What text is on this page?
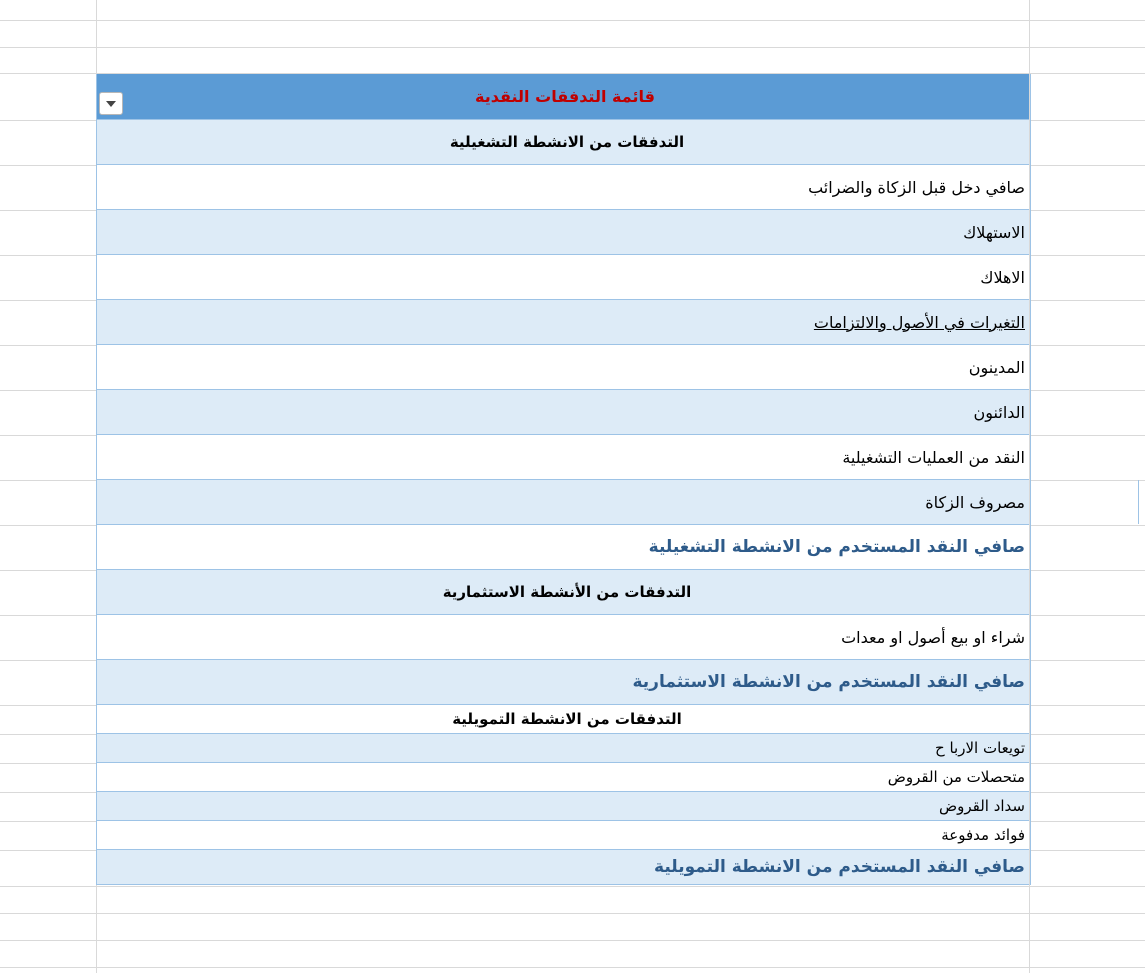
قائمة التدفقات النقدية
التدفقات من الانشطة التشغيلية
صافي دخل قبل الزكاة والضرائب
الاستهلاك
الاهلاك
التغيرات في الأصول والالتزامات
المدينون
الدائنون
النقد من العمليات التشغيلية
مصروف الزكاة
صافي النقد المستخدم من الانشطة التشغيلية
التدفقات من الأنشطة الاستثمارية
شراء او بيع أصول او معدات
صافي النقد المستخدم من الانشطة الاستثمارية
التدفقات من الانشطة التمويلية
تويعات الاربا ح
متحصلات من القروض
سداد القروض
فوائد مدفوعة
صافي النقد المستخدم من الانشطة التمويلية
